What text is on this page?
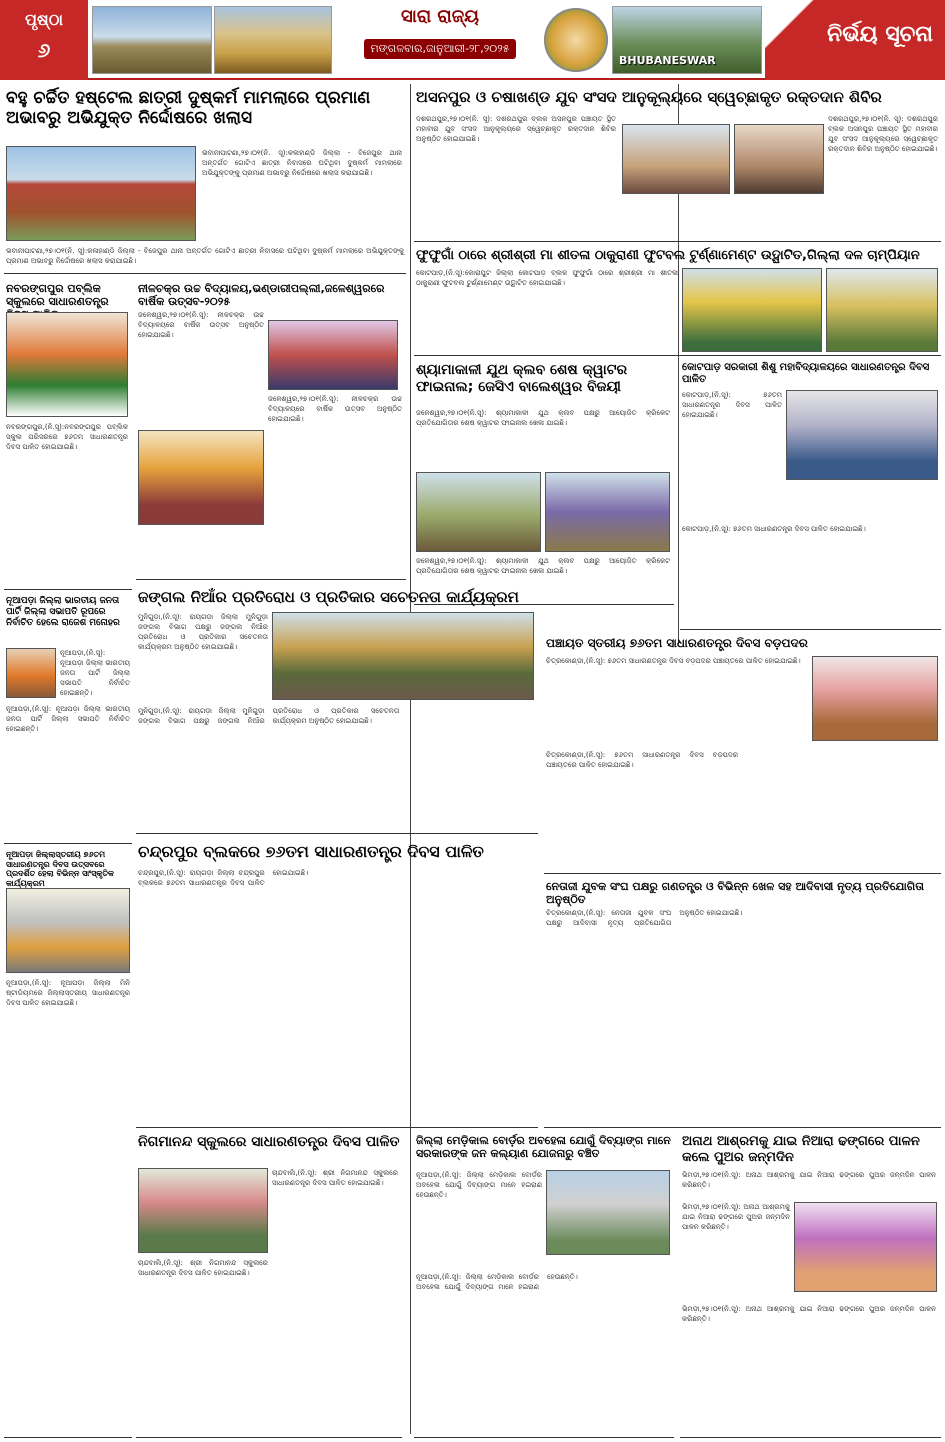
ପୃଷ୍ଠା
୬
ସାରା ରାଜ୍ୟ
ମଙ୍ଗଳବାର,ଜାନୁଆରୀ-୨୮,୨୦୨୫
BHUBANESWAR
ନିର୍ଭୟ ସୂଚନା
ବହୁ ଚର୍ଚ୍ଚିତ ହଷ୍ଟେଲ ଛାତ୍ରୀ ଦୁଷ୍କର୍ମ ମାମଲାରେ ପ୍ରମାଣ ଅଭାବରୁ ଅଭିଯୁକ୍ତ ନିର୍ଦ୍ଦୋଷରେ ଖଲାସ
ଭବାନୀପାଟଣା,୨୭।୦୧(ନି. ସୂ):କଳାହାଣ୍ଡି ଜିଲ୍ଲା - ବିଜେପୁର ଥାନା ଅନ୍ତର୍ଗତ ଗୋଟିଏ ଛାତ୍ରୀ ନିବାସରେ ଘଟିଥିବା ଦୁଷ୍କର୍ମ ମାମଲାରେ ଅଭିଯୁକ୍ତଙ୍କୁ ପ୍ରମାଣ ଅଭାବରୁ ନିର୍ଦ୍ଦୋଷରେ ଖଲାସ କରାଯାଇଛି।
ଭବାନୀପାଟଣା,୨୭।୦୧(ନି. ସୂ):କଳାହାଣ୍ଡି ଜିଲ୍ଲା - ବିଜେପୁର ଥାନା ଅନ୍ତର୍ଗତ ଗୋଟିଏ ଛାତ୍ରୀ ନିବାସରେ ଘଟିଥିବା ଦୁଷ୍କର୍ମ ମାମଲାରେ ଅଭିଯୁକ୍ତଙ୍କୁ ପ୍ରମାଣ ଅଭାବରୁ ନିର୍ଦ୍ଦୋଷରେ ଖଲାସ କରାଯାଇଛି।
ଅସନପୁର ଓ ଚଷାଖଣ୍ଡ ଯୁବ ସଂସଦ ଆନୁକୂଲ୍ୟରେ ସ୍ୱେଚ୍ଛାକୃତ ରକ୍ତଦାନ ଶିବିର
ଦଶରଥପୁର,୨୭।୦୧(ନି. ସୂ): ଦଶରଥପୁର ବ୍ଲକ ଅସନପୁର ପଞ୍ଚାୟତ ସ୍ଥିତ ମହାବୀର ଯୁବ ସଂସଦ ଆନୁକୂଲ୍ୟରେ ସ୍ୱେଚ୍ଛାକୃତ ରକ୍ତଦାନ ଶିବିର ଅନୁଷ୍ଠିତ ହୋଇଯାଇଛି।
ଦଶରଥପୁର,୨୭।୦୧(ନି. ସୂ): ଦଶରଥପୁର ବ୍ଲକ ଅସନପୁର ପଞ୍ଚାୟତ ସ୍ଥିତ ମହାବୀର ଯୁବ ସଂସଦ ଆନୁକୂଲ୍ୟରେ ସ୍ୱେଚ୍ଛାକୃତ ରକ୍ତଦାନ ଶିବିର ଅନୁଷ୍ଠିତ ହୋଇଯାଇଛି।
ଫୁଫୁଗାଁ ଠାରେ ଶ୍ରୀଶ୍ରୀ ମା ଶୀତଳା ଠାକୁରାଣୀ ଫୁଟବଲ ଟୁର୍ଣ୍ଣାମେଣ୍ଟ ଉଦ୍ଘାଟିତ,ଗିଲ୍ଲା ଦଳ ଚାମ୍ପିୟାନ
କୋଟପାଡ଼,(ନି.ସୂ):କୋରାପୁଟ ଜିଲ୍ଲା କୋଟପାଡ଼ ବ୍ଲକ ଫୁଫୁଗାଁ ଠାରେ ଶ୍ରୀଶ୍ରୀ ମା ଶୀତଳା ଠାକୁରାଣୀ ଫୁଟବଲ ଟୁର୍ଣ୍ଣାମେଣ୍ଟ ଉଦ୍ଘାଟିତ ହୋଇଯାଇଛି।
ନବରଙ୍ଗପୁର ପବ୍ଲିକ ସ୍କୁଲରେ ସାଧାରଣତନ୍ତ୍ର
ନବରଙ୍ଗପୁର,(ନି.ସୂ):ନବରଙ୍ଗପୁର ପବ୍ଲିକ ସ୍କୁଲ ପରିସରରେ ୭୬ତମ ସାଧାରଣତନ୍ତ୍ର ଦିବସ ପାଳିତ ହୋଇଯାଇଛି।
ନୀଳଚକ୍ର ଉଚ୍ଚ ବିଦ୍ୟାଳୟ,ଭଣ୍ଡାରୀପଲ୍ଲୀ,ଜଳେଶ୍ୱରରେ ବାର୍ଷିକ ଉତ୍ସବ-୨୦୨୫
ଜଳେଶ୍ୱର,୨୭।୦୧(ନି.ସୂ): ନୀଳଚକ୍ର ଉଚ୍ଚ ବିଦ୍ୟାଳୟରେ ବାର୍ଷିକ ଉତ୍ସବ ଅନୁଷ୍ଠିତ ହୋଇଯାଇଛି।
ଜଳେଶ୍ୱର,୨୭।୦୧(ନି.ସୂ): ନୀଳଚକ୍ର ଉଚ୍ଚ ବିଦ୍ୟାଳୟରେ ବାର୍ଷିକ ଉତ୍ସବ ଅନୁଷ୍ଠିତ ହୋଇଯାଇଛି।
ଶ୍ୟାମାକାଳୀ ଯୁଥ କ୍ଲବ ଶେଷ କ୍ୱାଟର ଫାଇନାଲ; ଜେସିଏ ବାଲେଶ୍ୱର ବିଜୟୀ
ଜଳେଶ୍ୱର,୨୭।୦୧(ନି.ସୂ): ଶ୍ୟାମାକାଳୀ ଯୁଥ କ୍ଲବ ପକ୍ଷରୁ ଆୟୋଜିତ କ୍ରିକେଟ ପ୍ରତିଯୋଗିତାର ଶେଷ କ୍ୱାଟର ଫାଇନାଲ ଖେଳା ଯାଇଛି।
ଜଳେଶ୍ୱର,୨୭।୦୧(ନି.ସୂ): ଶ୍ୟାମାକାଳୀ ଯୁଥ କ୍ଲବ ପକ୍ଷରୁ ଆୟୋଜିତ କ୍ରିକେଟ ପ୍ରତିଯୋଗିତାର ଶେଷ କ୍ୱାଟର ଫାଇନାଲ ଖେଳା ଯାଇଛି।
କୋଟପାଡ଼ ସରକାରୀ ଶିଶୁ ମହାବିଦ୍ୟାଳୟରେ ସାଧାରଣତନ୍ତ୍ର ଦିବସ ପାଳିତ
କୋଟପାଡ଼,(ନି.ସୂ): ୭୬ତମ ସାଧାରଣତନ୍ତ୍ର ଦିବସ ପାଳିତ ହୋଇଯାଇଛି।
କୋଟପାଡ଼,(ନି.ସୂ): ୭୬ତମ ସାଧାରଣତନ୍ତ୍ର ଦିବସ ପାଳିତ ହୋଇଯାଇଛି।
ଜଙ୍ଗଲ ନିଆଁର ପ୍ରତିରୋଧ ଓ ପ୍ରତିକାର ସଚେତନତା କାର୍ଯ୍ୟକ୍ରମ
ମୁନିଗୁଡ଼ା,(ନି.ସୂ): ରାୟଗଡ଼ା ଜିଲ୍ଲା ମୁନିଗୁଡ଼ା ଜଙ୍ଗଲ ବିଭାଗ ପକ୍ଷରୁ ଜଙ୍ଗଲ ନିଆଁର ପ୍ରତିରୋଧ ଓ ପ୍ରତିକାର ସଚେତନତା କାର୍ଯ୍ୟକ୍ରମ ଅନୁଷ୍ଠିତ ହୋଇଯାଇଛି।
ମୁନିଗୁଡ଼ା,(ନି.ସୂ): ରାୟଗଡ଼ା ଜିଲ୍ଲା ମୁନିଗୁଡ଼ା ଜଙ୍ଗଲ ବିଭାଗ ପକ୍ଷରୁ ଜଙ୍ଗଲ ନିଆଁର ପ୍ରତିରୋଧ ଓ ପ୍ରତିକାର ସଚେତନତା କାର୍ଯ୍ୟକ୍ରମ ଅନୁଷ୍ଠିତ ହୋଇଯାଇଛି।
ପଞ୍ଚାୟତ ସ୍ତରୀୟ ୭୬ତମ ସାଧାରଣତନ୍ତ୍ର ଦିବସ ବଡ଼ପଦର
ଚିତ୍ରକୋଣ୍ଡା,(ନି.ସୂ): ୭୬ତମ ସାଧାରଣତନ୍ତ୍ର ଦିବସ ବଡ଼ପଦର ପଞ୍ଚାୟତରେ ପାଳିତ ହୋଇଯାଇଛି।
ଚିତ୍ରକୋଣ୍ଡା,(ନି.ସୂ): ୭୬ତମ ସାଧାରଣତନ୍ତ୍ର ଦିବସ ବଡ଼ପଦର ପଞ୍ଚାୟତରେ ପାଳିତ ହୋଇଯାଇଛି।
ନୂଆପଡ଼ା ଜିଲ୍ଲା ଭାରତୀୟ ଜନତା ପାର୍ଟି ଜିଲ୍ଲା ସଭାପତି ରୂପରେ ନିର୍ବାଚିତ ହେଲେ ରାଜେଶ ମନୋହର
ନୂଆପଡ଼ା,(ନି.ସୂ): ନୂଆପଡ଼ା ଜିଲ୍ଲା ଭାରତୀୟ ଜନତା ପାର୍ଟି ଜିଲ୍ଲା ସଭାପତି ନିର୍ବାଚିତ ହୋଇଛନ୍ତି।
ନୂଆପଡ଼ା,(ନି.ସୂ): ନୂଆପଡ଼ା ଜିଲ୍ଲା ଭାରତୀୟ ଜନତା ପାର୍ଟି ଜିଲ୍ଲା ସଭାପତି ନିର୍ବାଚିତ ହୋଇଛନ୍ତି।
ଚନ୍ଦ୍ରପୁର ବ୍ଲକରେ ୭୬ତମ ସାଧାରଣତନ୍ତ୍ର ଦିବସ ପାଳିତ
ଚନ୍ଦ୍ରପୁର,(ନି.ସୂ): ରାୟଗଡ଼ା ଜିଲ୍ଲା ଚନ୍ଦ୍ରପୁର ବ୍ଲକରେ ୭୬ତମ ସାଧାରଣତନ୍ତ୍ର ଦିବସ ପାଳିତ ହୋଇଯାଇଛି।
ନେତାଜୀ ଯୁବକ ସଂଘ ପକ୍ଷରୁ ଗଣତନ୍ତ୍ର ଓ ବିଭିନ୍ନ ଖେଳ ସହ ଆଦିବାସୀ ନୃତ୍ୟ ପ୍ରତିଯୋଗିତା ଅନୁଷ୍ଠିତ
ଚିତ୍ରକୋଣ୍ଡା,(ନି.ସୂ): ନେତାଜୀ ଯୁବକ ସଂଘ ପକ୍ଷରୁ ଆଦିବାସୀ ନୃତ୍ୟ ପ୍ରତିଯୋଗିତା ଅନୁଷ୍ଠିତ ହୋଇଯାଇଛି।
ନୂଆପଡ଼ା ଜିଲ୍ଲାସ୍ତରୀୟ ୭୬ତମ ସାଧାରଣତନ୍ତ୍ର ଦିବସ ଉତ୍ସବରେ ପ୍ରଦର୍ଶିତ ହେଲା ବିଭିନ୍ନ ସାଂସ୍କୃତିକ କାର୍ଯ୍ୟକ୍ରମ
ନୂଆପଡ଼ା,(ନି.ସୂ): ନୂଆପଡ଼ା ଜିଲ୍ଲା ମିନି ଷ୍ଟାଡିୟମରେ ଜିଲ୍ଲାସ୍ତରୀୟ ସାଧାରଣତନ୍ତ୍ର ଦିବସ ପାଳିତ ହୋଇଯାଇଛି।
ନିଗମାନନ୍ଦ ସ୍କୁଲରେ ସାଧାରଣତନ୍ତ୍ର ଦିବସ ପାଳିତ
ଚାନ୍ଦବାଲି,(ନି.ସୂ): ଶ୍ରୀ ନିଗମାନନ୍ଦ ସ୍କୁଲରେ ସାଧାରଣତନ୍ତ୍ର ଦିବସ ପାଳିତ ହୋଇଯାଇଛି।
ଚାନ୍ଦବାଲି,(ନି.ସୂ): ଶ୍ରୀ ନିଗମାନନ୍ଦ ସ୍କୁଲରେ ସାଧାରଣତନ୍ତ୍ର ଦିବସ ପାଳିତ ହୋଇଯାଇଛି।
ଜିଲ୍ଲା ମେଡ଼ିକାଲ ବୋର୍ଡ଼ର ଅବହେଳା ଯୋଗୁଁ ଦିବ୍ୟାଙ୍ଗ ମାନେ ସରକାରଙ୍କ ଜନ କଲ୍ୟାଣ ଯୋଜନାରୁ ବଞ୍ଚିତ
ନୂଆପଡ଼ା,(ନି.ସୂ): ଜିଲ୍ଲା ମେଡ଼ିକାଲ ବୋର୍ଡ଼ର ଅବହେଳା ଯୋଗୁଁ ଦିବ୍ୟାଙ୍ଗ ମାନେ ହଇରାଣ ହେଉଛନ୍ତି।
ନୂଆପଡ଼ା,(ନି.ସୂ): ଜିଲ୍ଲା ମେଡ଼ିକାଲ ବୋର୍ଡ଼ର ଅବହେଳା ଯୋଗୁଁ ଦିବ୍ୟାଙ୍ଗ ମାନେ ହଇରାଣ ହେଉଛନ୍ତି।
ଅନାଥ ଆଶ୍ରମକୁ ଯାଇ ନିଆରା ଢଙ୍ଗରେ ପାଳନ କଲେ ପୁଅର ଜନ୍ମଦିନ
ଭିମଡ଼ୀ,୨୭।୦୧(ନି.ସୂ): ଅନାଥ ଆଶ୍ରମକୁ ଯାଇ ନିଆରା ଢଙ୍ଗରେ ପୁଅର ଜନ୍ମଦିନ ପାଳନ କରିଛନ୍ତି।
ଭିମଡ଼ୀ,୨୭।୦୧(ନି.ସୂ): ଅନାଥ ଆଶ୍ରମକୁ ଯାଇ ନିଆରା ଢଙ୍ଗରେ ପୁଅର ଜନ୍ମଦିନ ପାଳନ କରିଛନ୍ତି।
ଭିମଡ଼ୀ,୨୭।୦୧(ନି.ସୂ): ଅନାଥ ଆଶ୍ରମକୁ ଯାଇ ନିଆରା ଢଙ୍ଗରେ ପୁଅର ଜନ୍ମଦିନ ପାଳନ କରିଛନ୍ତି।
